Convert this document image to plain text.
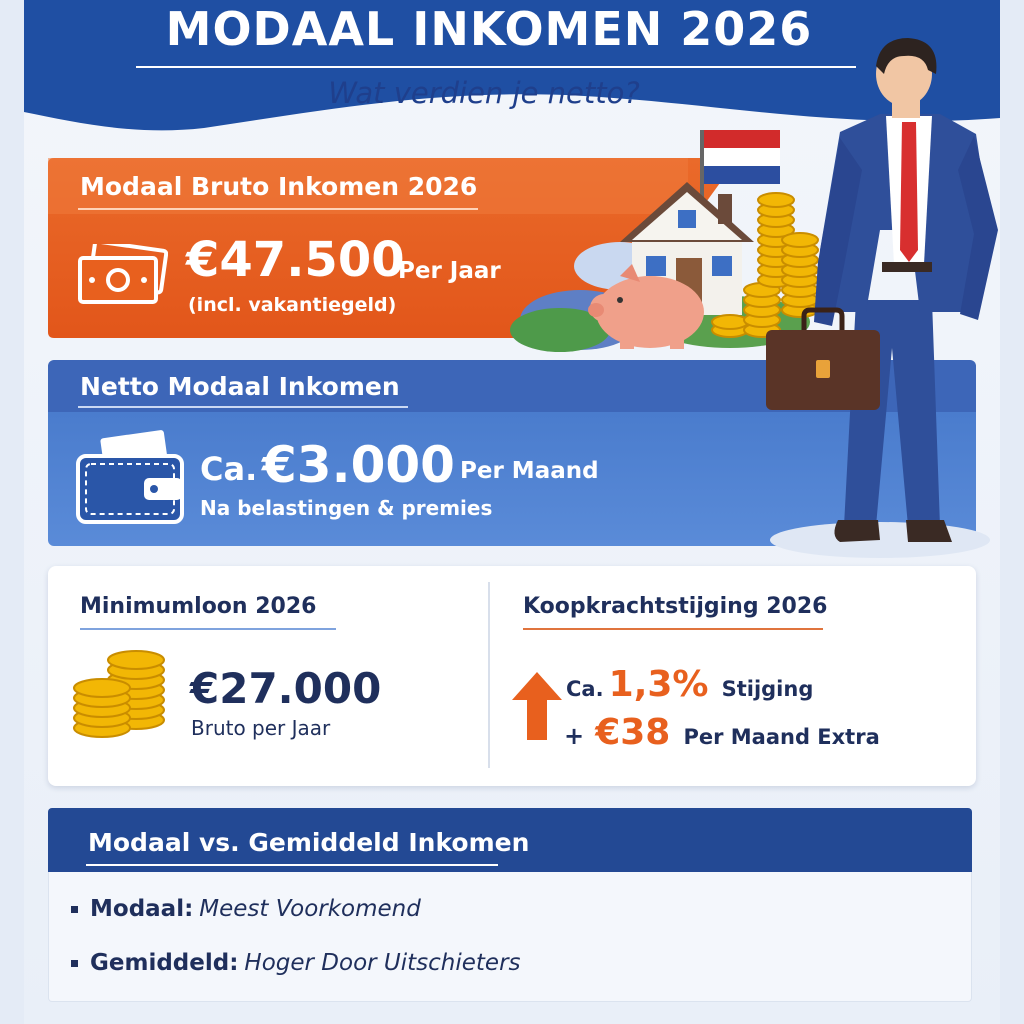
MODAAL INKOMEN 2026
Wat verdien je netto?
Modaal Bruto Inkomen 2026
€47.500
Per Jaar
(incl. vakantiegeld)
Netto Modaal Inkomen
Ca. €3.000 Per Maand
Na belastingen & premies
Minimumloon 2026
€27.000
Bruto per Jaar
Koopkrachtstijging 2026
Ca. 1,3% Stijging
+ €38 Per Maand Extra
Modaal vs. Gemiddeld Inkomen
Modaal: Meest Voorkomend
Gemiddeld: Hoger Door Uitschieters
